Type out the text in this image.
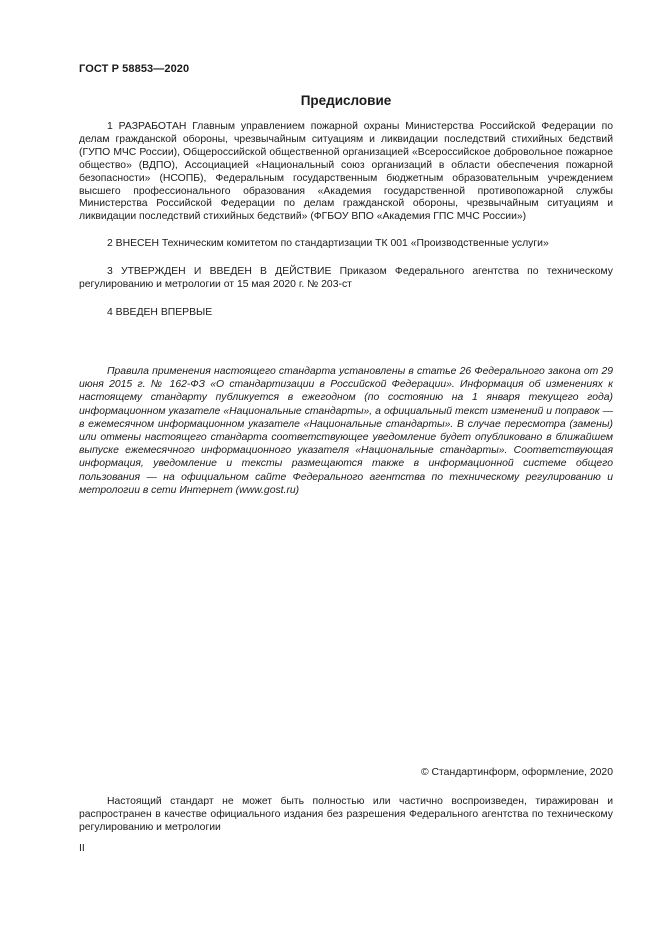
ГОСТ Р 58853—2020
Предисловие
1 РАЗРАБОТАН Главным управлением пожарной охраны Министерства Российской Федерации по делам гражданской обороны, чрезвычайным ситуациям и ликвидации последствий стихийных бедствий (ГУПО МЧС России), Общероссийской общественной организацией «Всероссийское добровольное пожарное общество» (ВДПО), Ассоциацией «Национальный союз организаций в области обеспечения пожарной безопасности» (НСОПБ), Федеральным государственным бюджетным образовательным учреждением высшего профессионального образования «Академия государственной противопожарной службы Министерства Российской Федерации по делам гражданской обороны, чрезвычайным ситуациям и ликвидации последствий стихийных бедствий» (ФГБОУ ВПО «Академия ГПС МЧС России»)
2 ВНЕСЕН Техническим комитетом по стандартизации ТК 001 «Производственные услуги»
3 УТВЕРЖДЕН И ВВЕДЕН В ДЕЙСТВИЕ Приказом Федерального агентства по техническому регулированию и метрологии от 15 мая 2020 г. № 203-ст
4 ВВЕДЕН ВПЕРВЫЕ
Правила применения настоящего стандарта установлены в статье 26 Федерального закона от 29 июня 2015 г. № 162-ФЗ «О стандартизации в Российской Федерации». Информация об изменениях к настоящему стандарту публикуется в ежегодном (по состоянию на 1 января текущего года) информационном указателе «Национальные стандарты», а официальный текст изменений и поправок — в ежемесячном информационном указателе «Национальные стандарты». В случае пересмотра (замены) или отмены настоящего стандарта соответствующее уведомление будет опубликовано в ближайшем выпуске ежемесячного информационного указателя «Национальные стандарты». Соответствующая информация, уведомление и тексты размещаются также в информационной системе общего пользования — на официальном сайте Федерального агентства по техническому регулированию и метрологии в сети Интернет (www.gost.ru)
© Стандартинформ, оформление, 2020
Настоящий стандарт не может быть полностью или частично воспроизведен, тиражирован и распространен в качестве официального издания без разрешения Федерального агентства по техническому регулированию и метрологии
II
